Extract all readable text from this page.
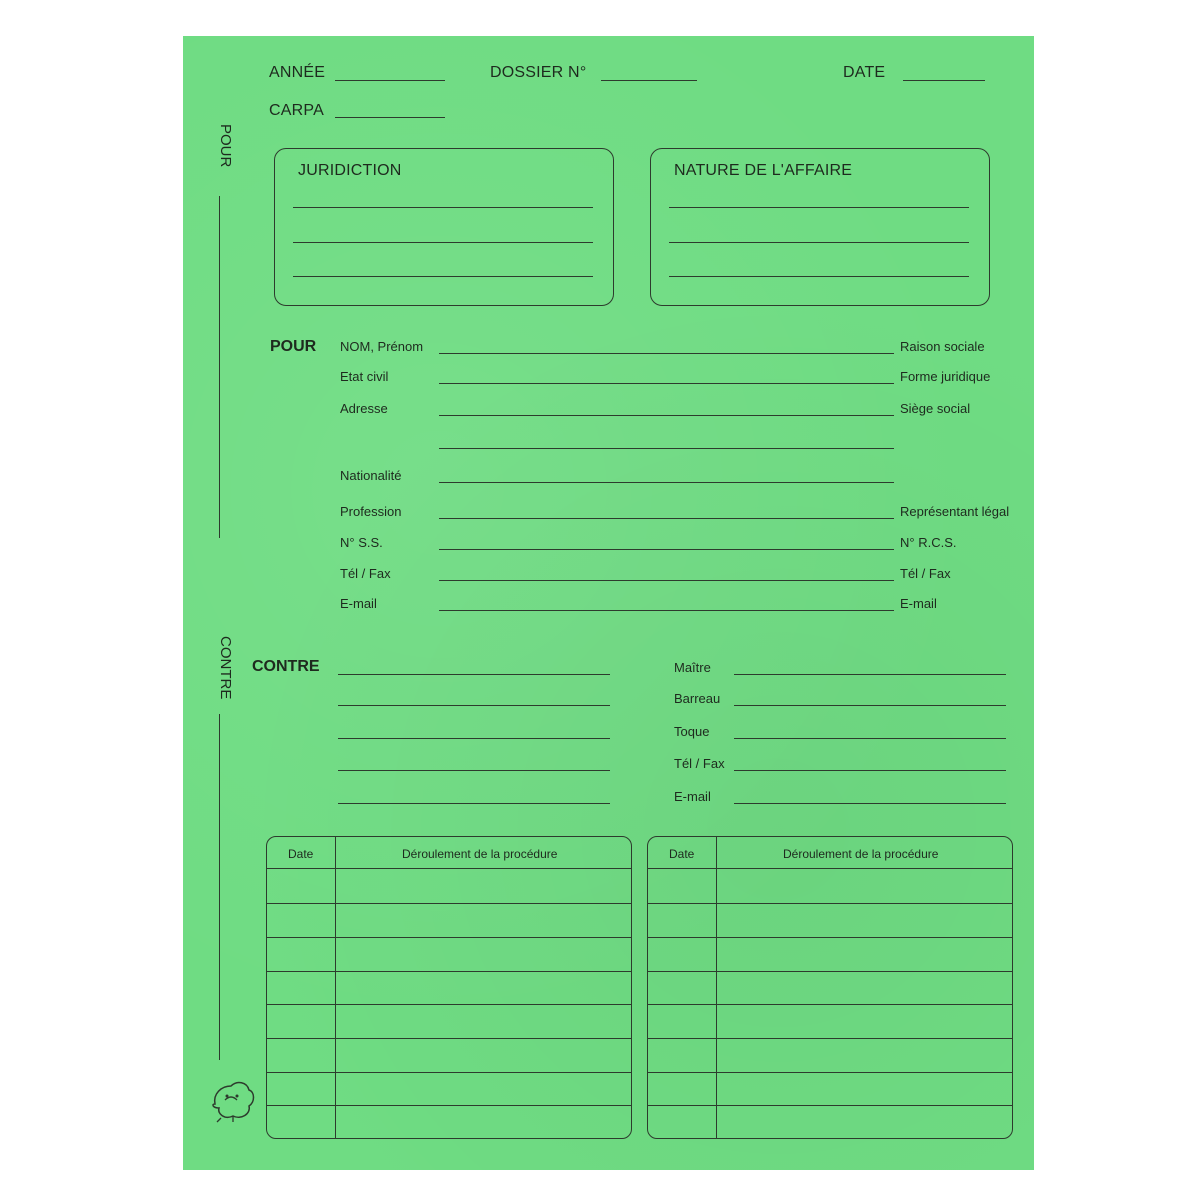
ANNÉE	DOSSIER N°	DATE
CARPA
POUR
CONTRE
JURIDICTION	NATURE DE L'AFFAIRE
POUR NOM, Prénom	Raison sociale
Etat civil	Forme juridique
Adresse	Siège social
Nationalité
Profession	Représentant légal
N° S.S.	N° R.C.S.
Tél / Fax	Tél / Fax
E-mail	E-mail
CONTRE	Maître
Barreau
Toque
Tél / Fax
E-mail
Date	Déroulement de la procédure	Date	Déroulement de la procédure
